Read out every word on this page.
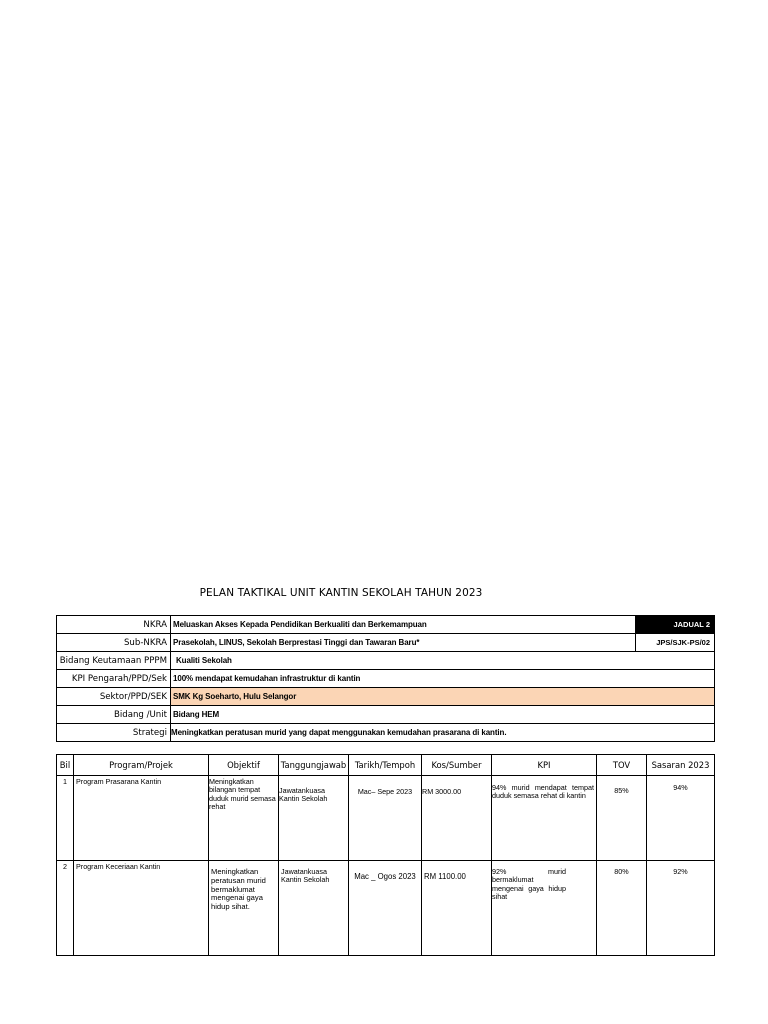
PELAN TAKTIKAL UNIT KANTIN SEKOLAH TAHUN 2023
NKRA	Meluaskan Akses Kepada Pendidikan Berkualiti dan Berkemampuan	JADUAL 2
Sub-NKRA	Prasekolah, LINUS, Sekolah Berprestasi Tinggi dan Tawaran Baru*	JPS/SJK-PS/02
Bidang Keutamaan PPPM	Kualiti Sekolah	
KPI Pengarah/PPD/Sek	100% mendapat kemudahan infrastruktur di kantin	
Sektor/PPD/SEK	SMK Kg Soeharto, Hulu Selangor	
Bidang /Unit	Bidang HEM	
Strategi	Meningkatkan peratusan murid yang dapat menggunakan kemudahan prasarana di kantin.	
Bil	Program/Projek	Objektif	Tanggungjawab	Tarikh/Tempoh	Kos/Sumber	KPI	TOV	Sasaran 2023
1	Program Prasarana Kantin	Meningkatkan bilangan tempat duduk murid semasa rehat	Jawatankuasa Kantin Sekolah	Mac– Sepe 2023	RM 3000.00	94% murid mendapat tempat duduk semasa rehat di kantin	85%	94%
2	Program Keceriaan Kantin	Meningkatkan peratusan murid bermaklumat mengenai gaya hidup sihat.	Jawatankuasa Kantin Sekolah	Mac _ Ogos 2023	RM 1100.00	92% murid bermaklumat mengenai gaya hidup sihat	80%	92%
